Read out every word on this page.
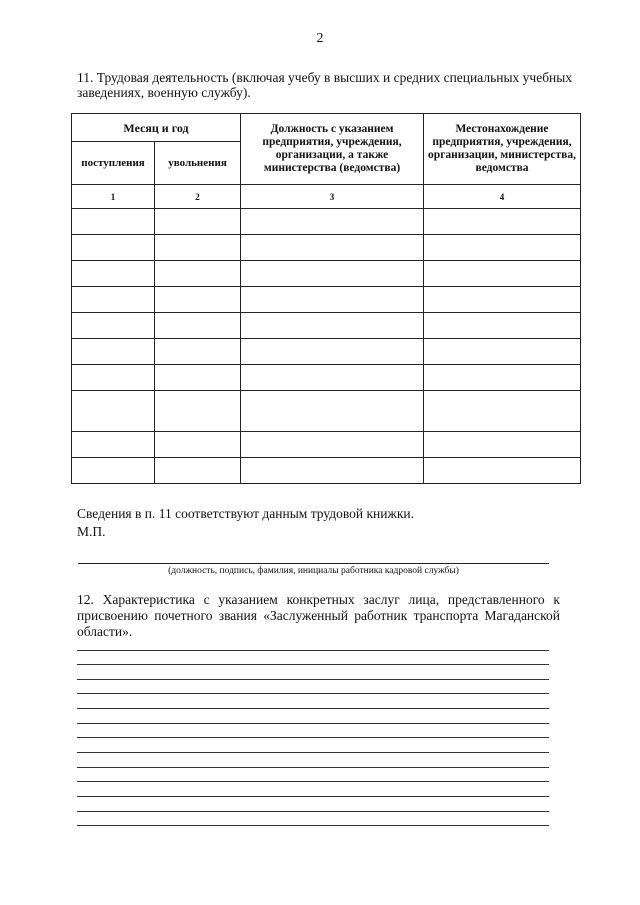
2

11. Трудовая деятельность (включая учебу в высших и средних специальных учебных
заведениях, военную службу).

Месяц и год		Должность с указанием предприятия, учреждения, организации, а также министерства (ведомства)	Местонахождение предприятия, учреждения, организации, министерства, ведомства
поступления	увольнения		
1	2	3	4

Сведения в п. 11 соответствуют данным трудовой книжки.
М.П.
(должность, подпись, фамилия, инициалы работника кадровой службы)

12. Характеристика с указанием конкретных заслуг лица, представленного к
присвоению почетного звания «Заслуженный работник транспорта Магаданской
области».
